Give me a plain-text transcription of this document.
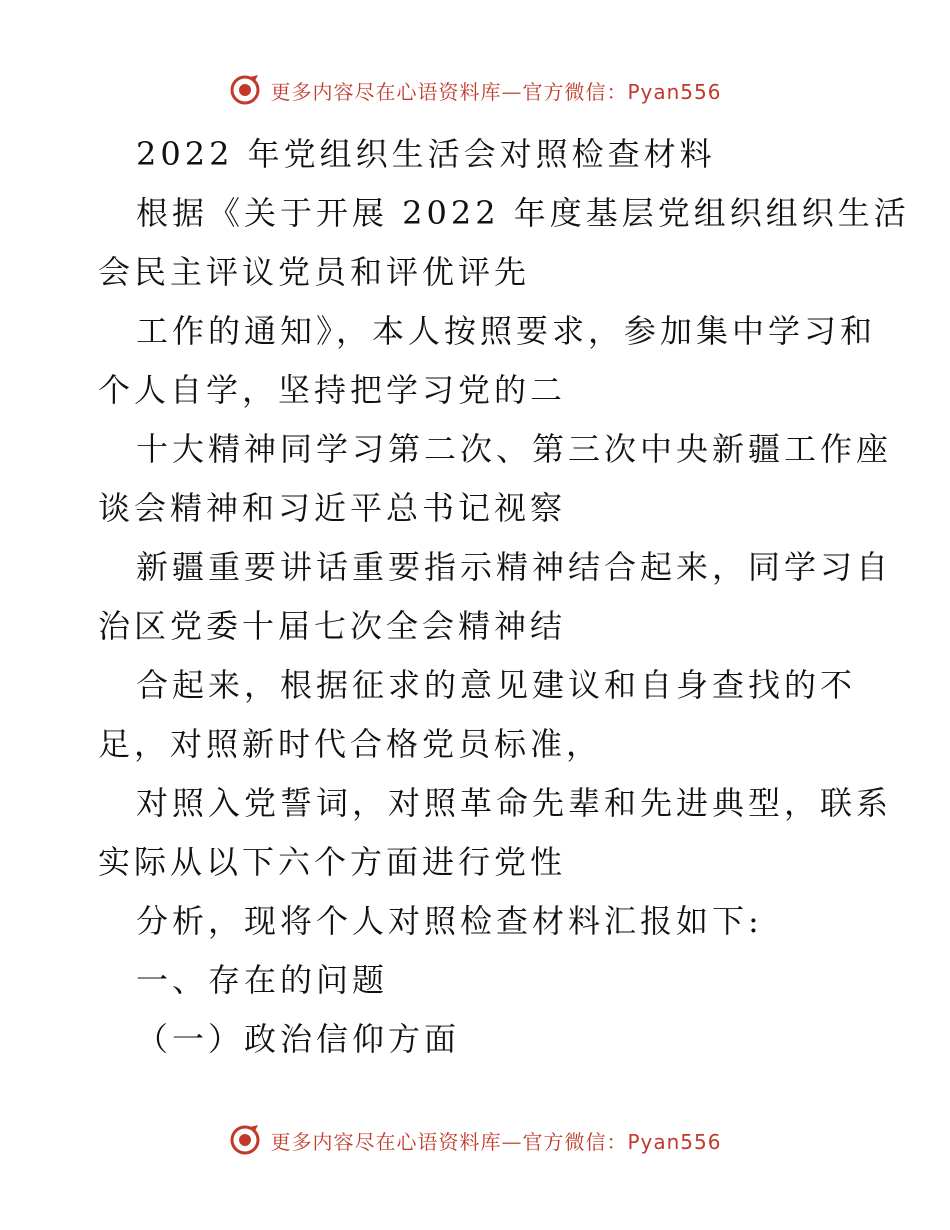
更多内容尽在心语资料库—官方微信：Pyan556
2022 年党组织生活会对照检查材料
根据《关于开展 2022 年度基层党组织组织生活
会民主评议党员和评优评先
工作的通知》，本人按照要求，参加集中学习和
个人自学，坚持把学习党的二
十大精神同学习第二次、第三次中央新疆工作座
谈会精神和习近平总书记视察
新疆重要讲话重要指示精神结合起来，同学习自
治区党委十届七次全会精神结
合起来，根据征求的意见建议和自身查找的不
足，对照新时代合格党员标准，
对照入党誓词，对照革命先辈和先进典型，联系
实际从以下六个方面进行党性
分析，现将个人对照检查材料汇报如下:
一、存在的问题
（一）政治信仰方面
更多内容尽在心语资料库—官方微信：Pyan556
